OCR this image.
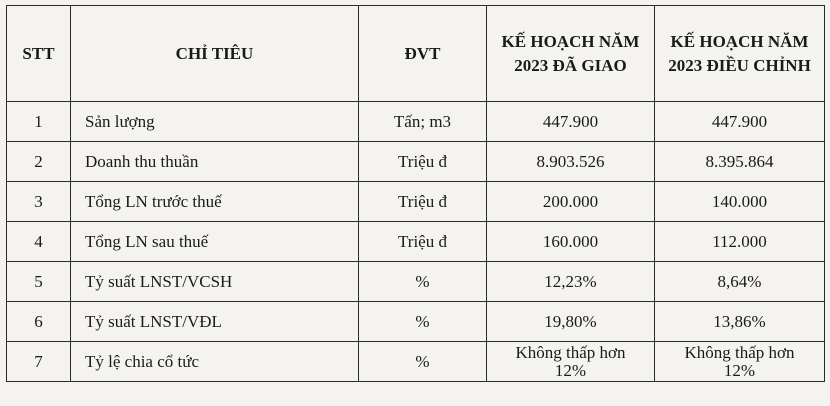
STT	CHỈ TIÊU	ĐVT	KẾ HOẠCH NĂM 2023 ĐÃ GIAO	KẾ HOẠCH NĂM 2023 ĐIỀU CHỈNH
1	Sản lượng	Tấn; m3	447.900	447.900
2	Doanh thu thuần	Triệu đ	8.903.526	8.395.864
3	Tổng LN trước thuế	Triệu đ	200.000	140.000
4	Tổng LN sau thuế	Triệu đ	160.000	112.000
5	Tỷ suất LNST/VCSH	%	12,23%	8,64%
6	Tỷ suất LNST/VĐL	%	19,80%	13,86%
7	Tỷ lệ chia cổ tức	%	Không thấp hơn 12%	Không thấp hơn 12%
